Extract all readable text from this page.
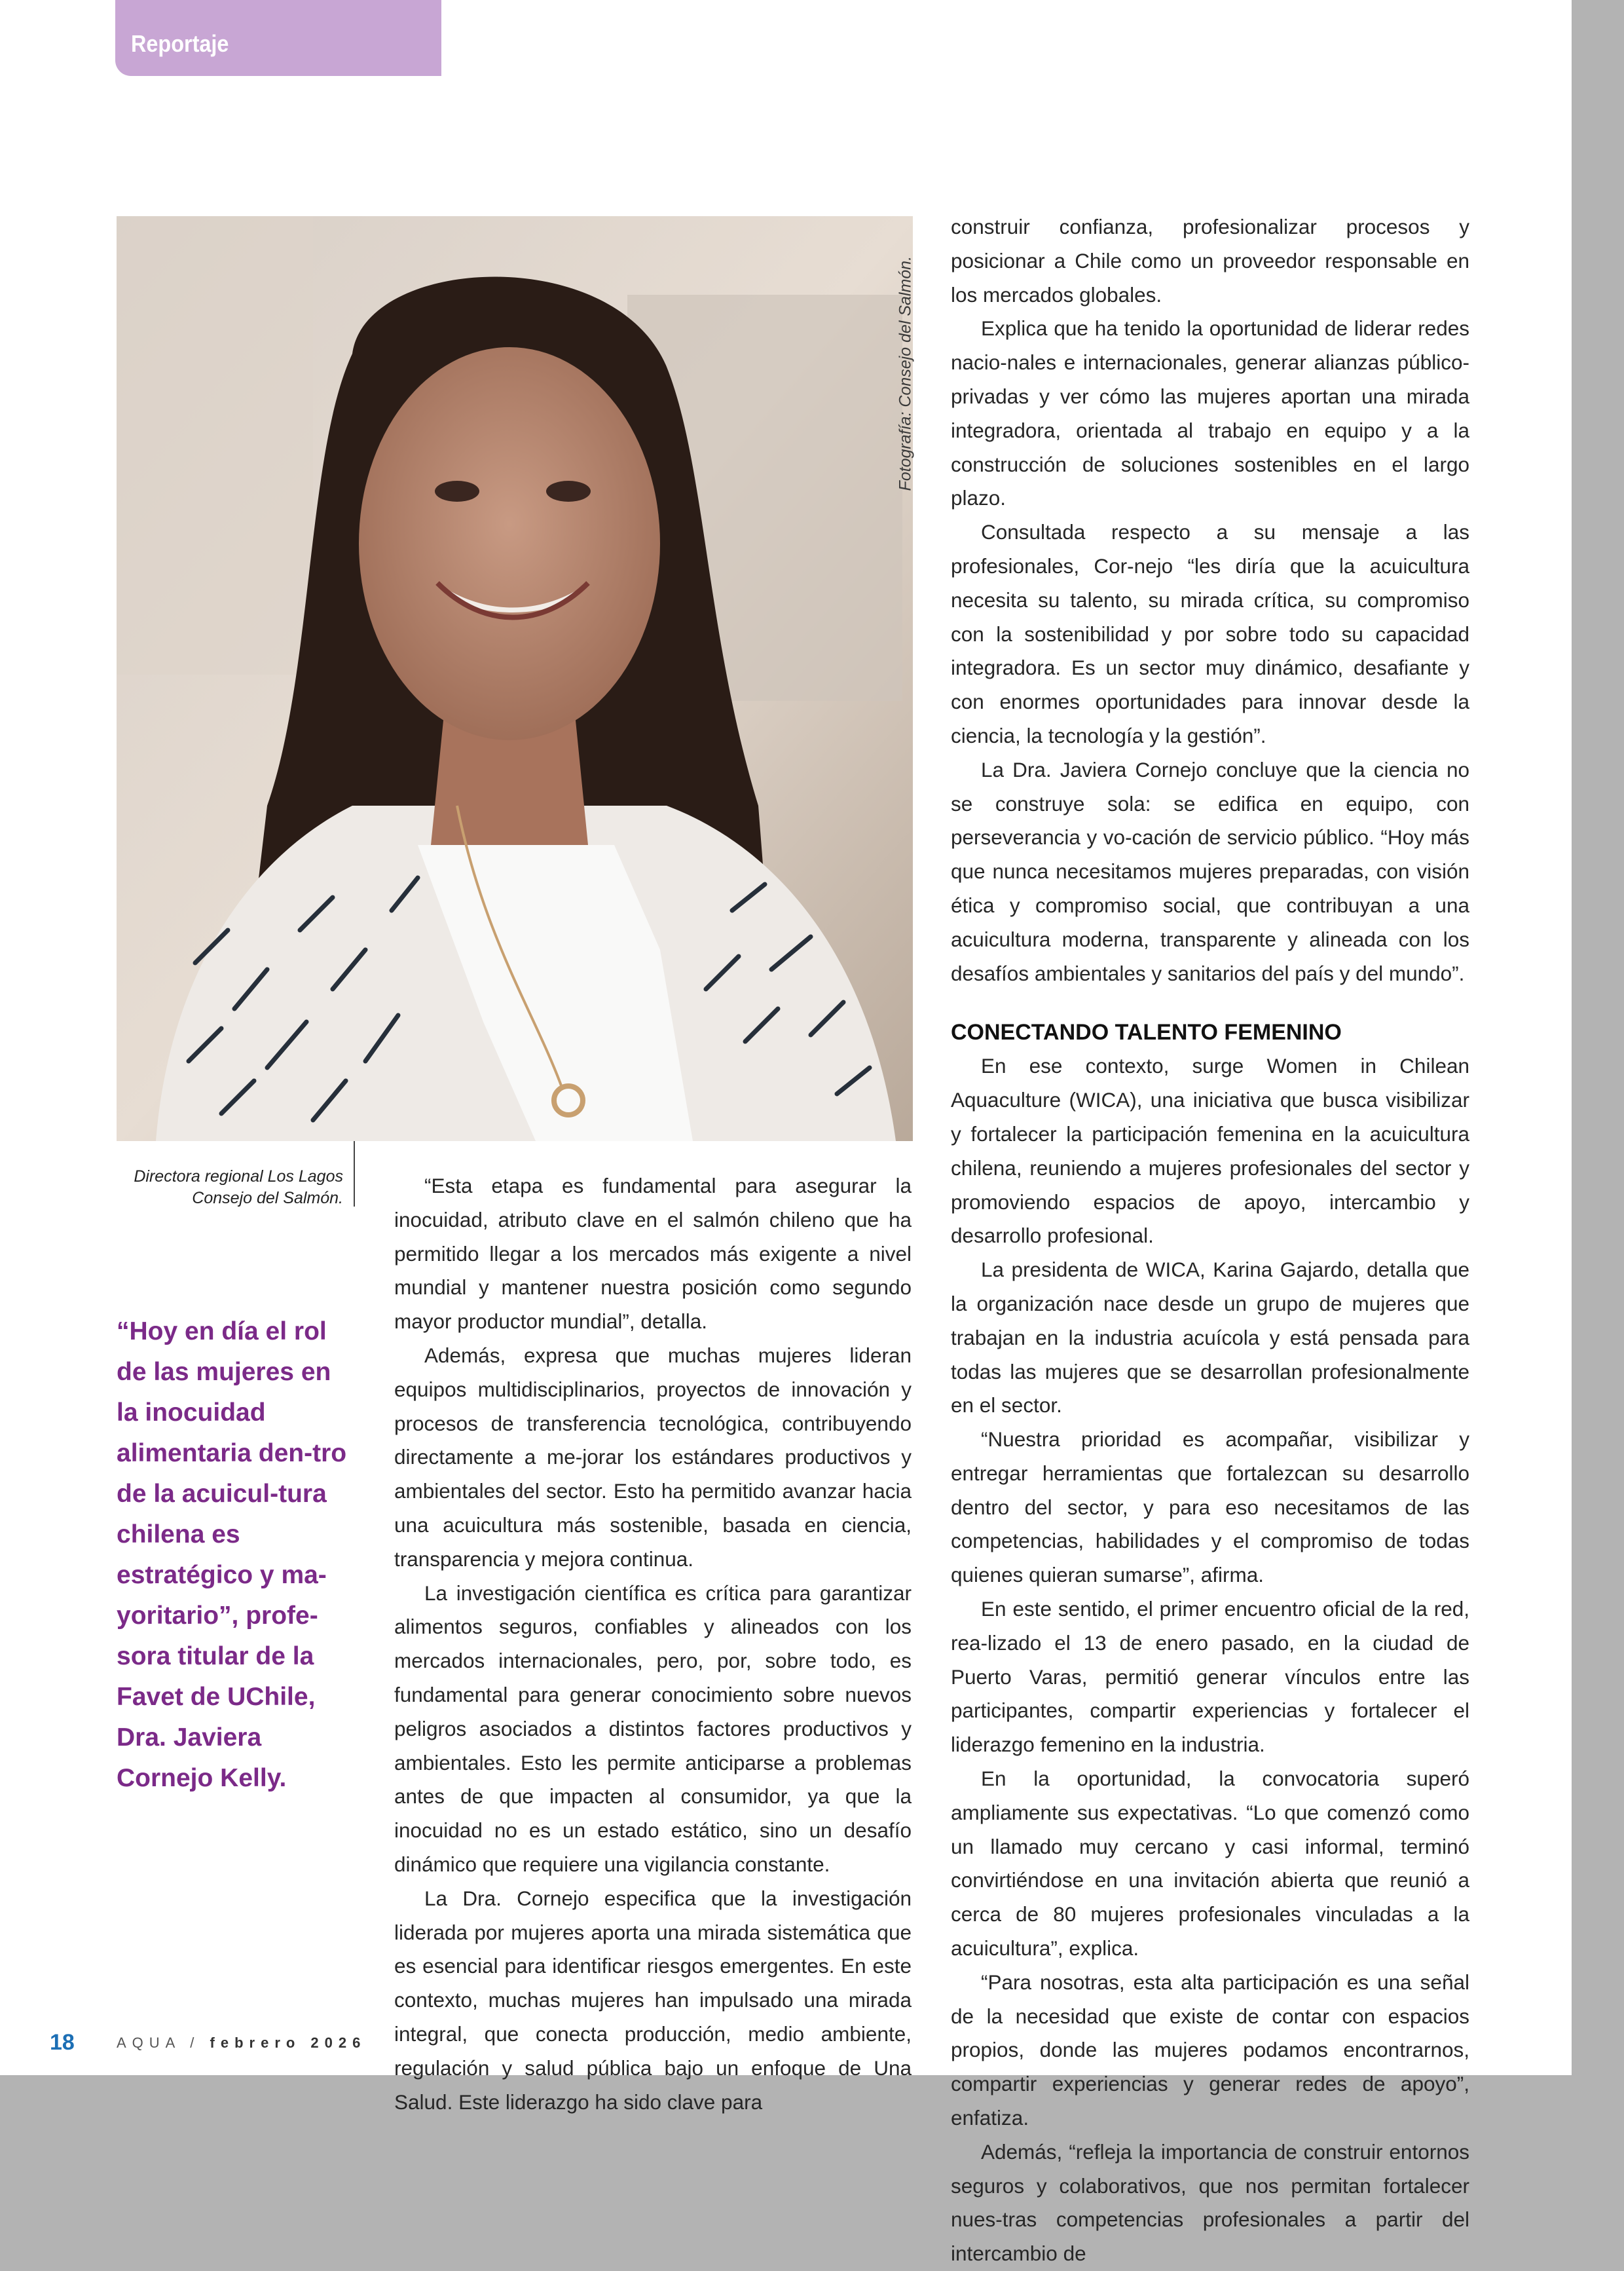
Reportaje
Fotografía: Consejo del Salmón.
Directora regional Los Lagos
Consejo del Salmón.
“Hoy en día el rol de las mujeres en la inocuidad alimentaria den-tro de la acuicul-tura chilena es estratégico y ma-yoritario”, profe-sora titular de la Favet de UChile, Dra. Javiera Cornejo Kelly.

“Esta etapa es fundamental para asegurar la inocuidad, atributo clave en el salmón chileno que ha permitido llegar a los mercados más exigente a nivel mundial y mantener nuestra posición como segundo mayor productor mundial”, detalla.

Además, expresa que muchas mujeres lideran equipos multidisciplinarios, proyectos de innovación y procesos de transferencia tecnológica, contribuyendo directamente a me-jorar los estándares productivos y ambientales del sector. Esto ha permitido avanzar hacia una acuicultura más sostenible, basada en ciencia, transparencia y mejora continua.

La investigación científica es crítica para garantizar alimentos seguros, confiables y alineados con los mercados internacionales, pero, por, sobre todo, es fundamental para generar conocimiento sobre nuevos peligros asociados a distintos factores productivos y ambientales. Esto les permite anticiparse a problemas antes de que impacten al consumidor, ya que la inocuidad no es un estado estático, sino un desafío dinámico que requiere una vigilancia constante.

La Dra. Cornejo especifica que la investigación liderada por mujeres aporta una mirada sistemática que es esencial para identificar riesgos emergentes. En este contexto, muchas mujeres han impulsado una mirada integral, que conecta producción, medio ambiente, regulación y salud pública bajo un enfoque de Una Salud. Este liderazgo ha sido clave para

construir confianza, profesionalizar procesos y posicionar a Chile como un proveedor responsable en los mercados globales.

Explica que ha tenido la oportunidad de liderar redes nacio-nales e internacionales, generar alianzas público-privadas y ver cómo las mujeres aportan una mirada integradora, orientada al trabajo en equipo y a la construcción de soluciones sostenibles en el largo plazo.

Consultada respecto a su mensaje a las profesionales, Cor-nejo “les diría que la acuicultura necesita su talento, su mirada crítica, su compromiso con la sostenibilidad y por sobre todo su capacidad integradora. Es un sector muy dinámico, desafiante y con enormes oportunidades para innovar desde la ciencia, la tecnología y la gestión”.

La Dra. Javiera Cornejo concluye que la ciencia no se construye sola: se edifica en equipo, con perseverancia y vo-cación de servicio público. “Hoy más que nunca necesitamos mujeres preparadas, con visión ética y compromiso social, que contribuyan a una acuicultura moderna, transparente y alineada con los desafíos ambientales y sanitarios del país y del mundo”.

CONECTANDO TALENTO FEMENINO

En ese contexto, surge Women in Chilean Aquaculture (WICA), una iniciativa que busca visibilizar y fortalecer la participación femenina en la acuicultura chilena, reuniendo a mujeres profesionales del sector y promoviendo espacios de apoyo, intercambio y desarrollo profesional.

La presidenta de WICA, Karina Gajardo, detalla que la organización nace desde un grupo de mujeres que trabajan en la industria acuícola y está pensada para todas las mujeres que se desarrollan profesionalmente en el sector.

“Nuestra prioridad es acompañar, visibilizar y entregar herramientas que fortalezcan su desarrollo dentro del sector, y para eso necesitamos de las competencias, habilidades y el compromiso de todas quienes quieran sumarse”, afirma.

En este sentido, el primer encuentro oficial de la red, rea-lizado el 13 de enero pasado, en la ciudad de Puerto Varas, permitió generar vínculos entre las participantes, compartir experiencias y fortalecer el liderazgo femenino en la industria.

En la oportunidad, la convocatoria superó ampliamente sus expectativas. “Lo que comenzó como un llamado muy cercano y casi informal, terminó convirtiéndose en una invitación abierta que reunió a cerca de 80 mujeres profesionales vinculadas a la acuicultura”, explica.

“Para nosotras, esta alta participación es una señal de la necesidad que existe de contar con espacios propios, donde las mujeres podamos encontrarnos, compartir experiencias y generar redes de apoyo”, enfatiza.

Además, “refleja la importancia de construir entornos seguros y colaborativos, que nos permitan fortalecer nues-tras competencias profesionales a partir del intercambio de

18	AQUA / febrero 2026
